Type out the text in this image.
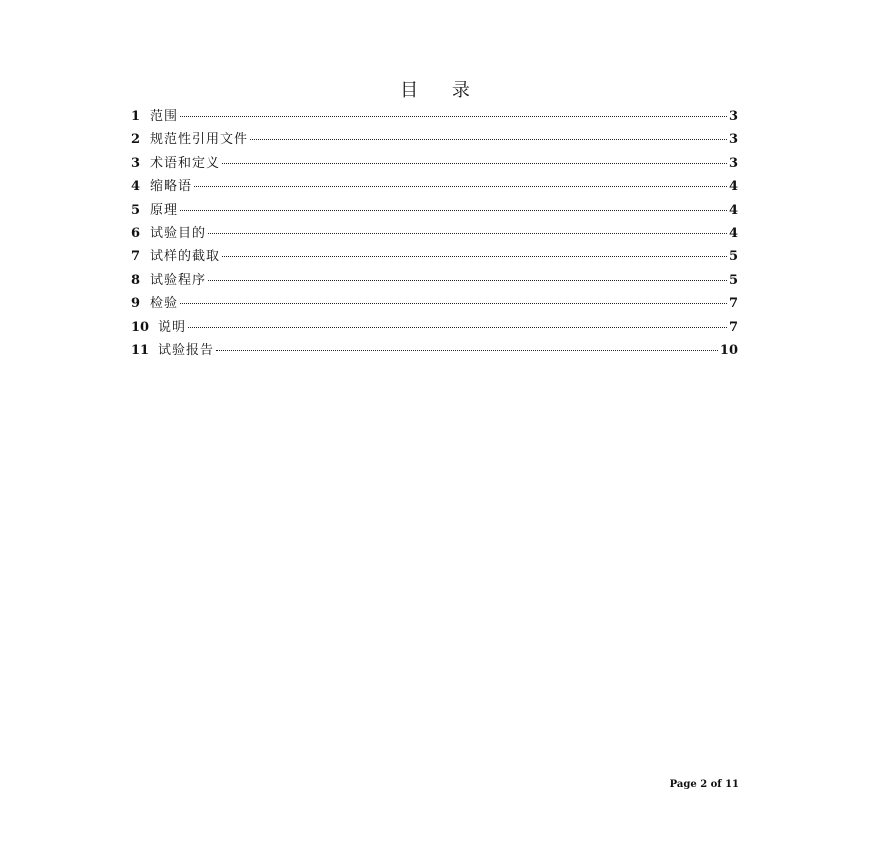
目 录
1 范围	3
2 规范性引用文件	3
3 术语和定义	3
4 缩略语	4
5 原理	4
6 试验目的	4
7 试样的截取	5
8 试验程序	5
9 检验	7
10 说明	7
11 试验报告	10
Page 2 of 11
